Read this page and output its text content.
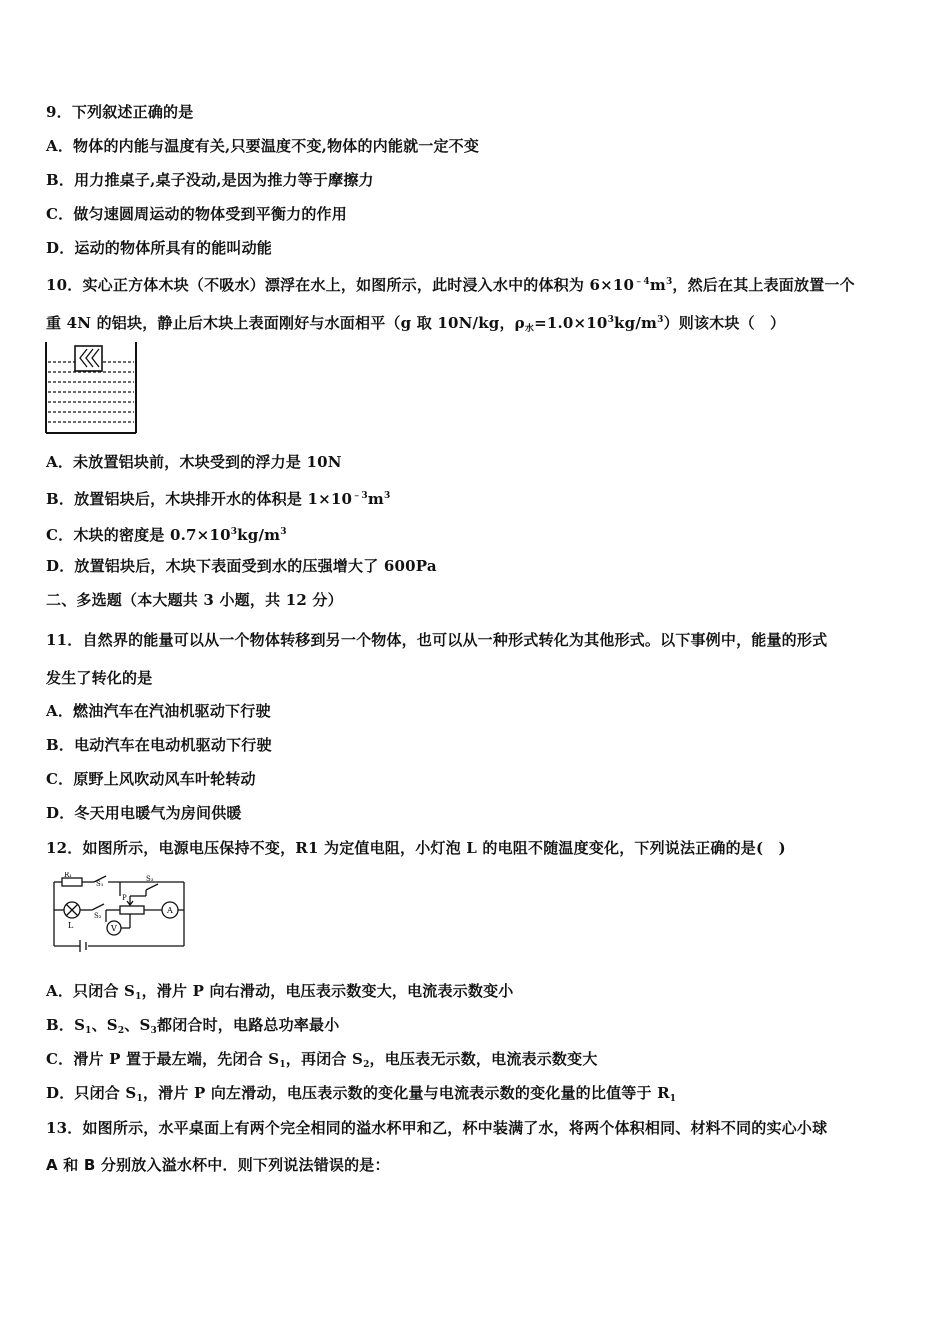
9．下列叙述正确的是
A．物体的内能与温度有关,只要温度不变,物体的内能就一定不变
B．用力推桌子,桌子没动,是因为推力等于摩擦力
C．做匀速圆周运动的物体受到平衡力的作用
D．运动的物体所具有的能叫动能
10．实心正方体木块（不吸水）漂浮在水上，如图所示，此时浸入水中的体积为 $6\times 10^{﹣4}m^3$，然后在其上表面放置一个
重 4N 的铝块，静止后木块上表面刚好与水面相平（g 取 10N/kg，$\rho_水=1.0\times 10^3kg/m^3$）则该木块（　）
A．未放置铝块前，木块受到的浮力是 10N
B．放置铝块后，木块排开水的体积是 $1\times 10^{﹣3}m^3$
C．木块的密度是 $0.7\times 10^3kg/m^3$
D．放置铝块后，木块下表面受到水的压强增大了 600Pa
二、多选题（本大题共 3 小题，共 12 分）
11．自然界的能量可以从一个物体转移到另一个物体，也可以从一种形式转化为其他形式。以下事例中，能量的形式
发生了转化的是
A．燃油汽车在汽油机驱动下行驶
B．电动汽车在电动机驱动下行驶
C．原野上风吹动风车叶轮转动
D．冬天用电暖气为房间供暖
12．如图所示，电源电压保持不变，R1 为定值电阻，小灯泡 L 的电阻不随温度变化，下列说法正确的是(　)
R₁
S₁
S₃
S₂
P
L
A
V
A．只闭合 $S_1$，滑片 P 向右滑动，电压表示数变大，电流表示数变小
B．$S_1$、$S_2$、$S_3$都闭合时，电路总功率最小
C．滑片 P 置于最左端，先闭合 $S_1$，再闭合 $S_2$，电压表无示数，电流表示数变大
D．只闭合 $S_1$，滑片 P 向左滑动，电压表示数的变化量与电流表示数的变化量的比值等于 $R_1$
13．如图所示，水平桌面上有两个完全相同的溢水杯甲和乙，杯中装满了水，将两个体积相同、材料不同的实心小球
A 和 B 分别放入溢水杯中．则下列说法错误的是：
